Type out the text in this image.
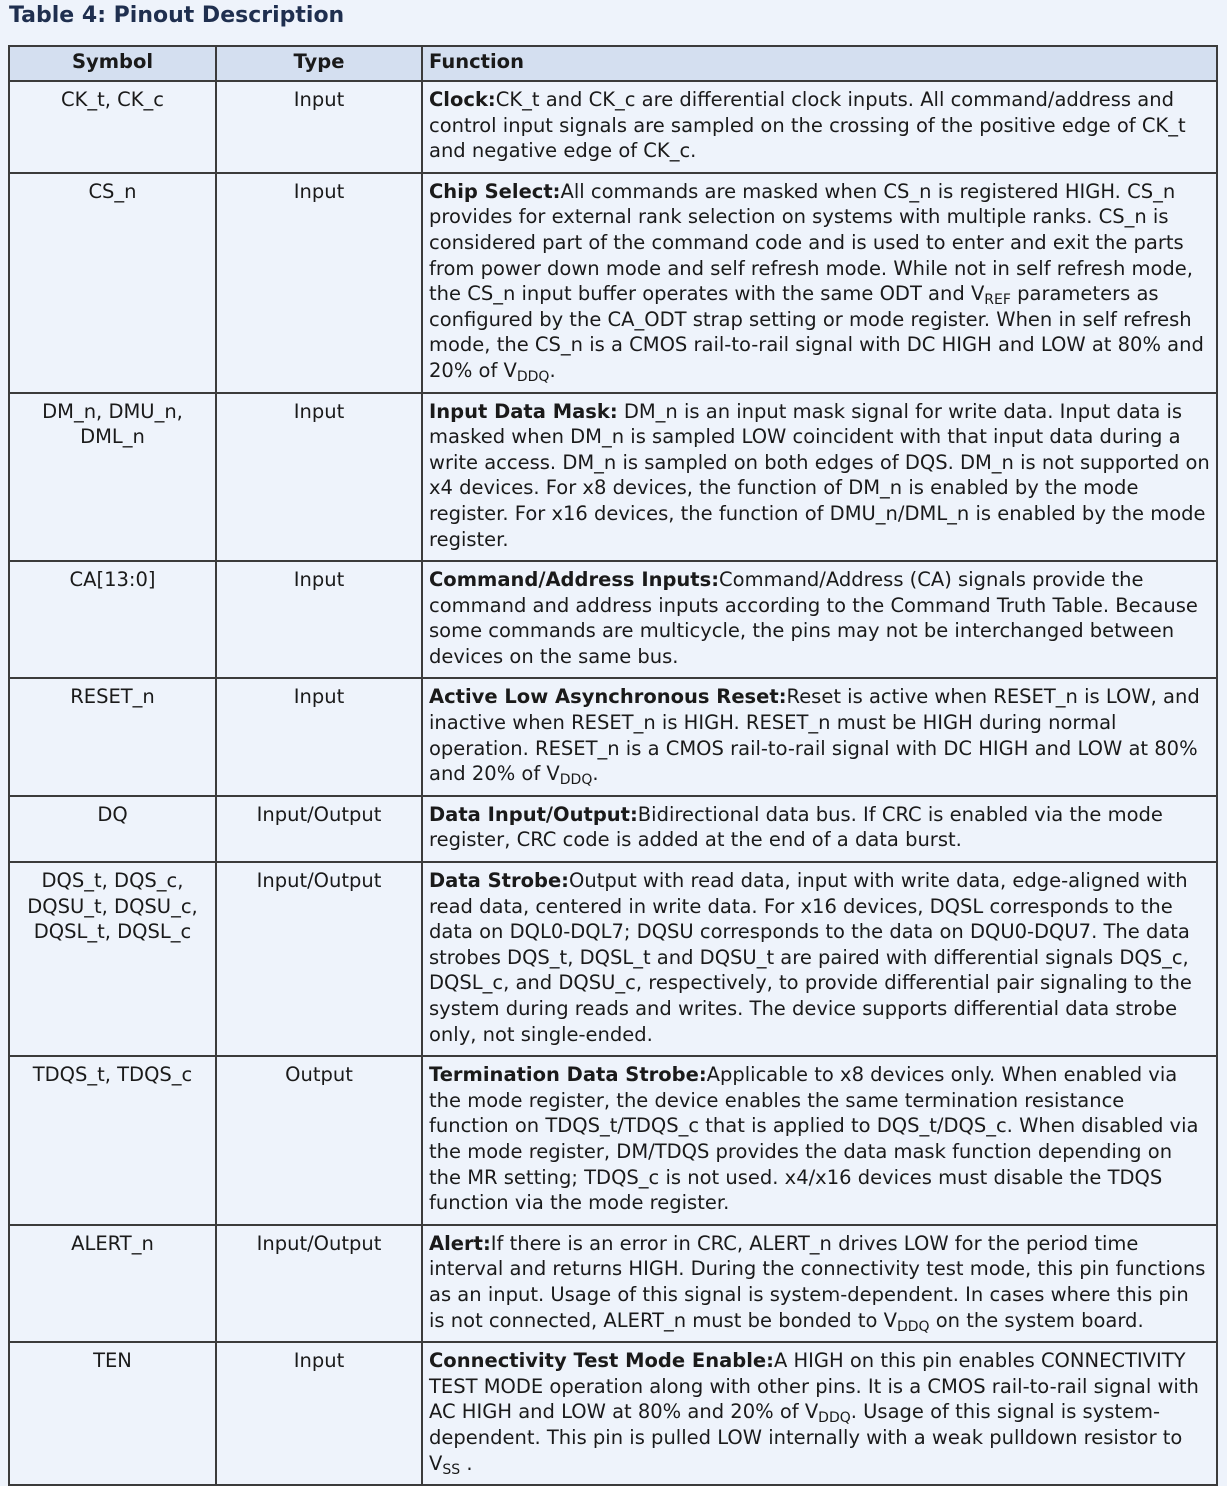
Table 4: Pinout Description
Symbol	Type	Function
CK_t, CK_c	Input	Clock:CK_t and CK_c are differential clock inputs. All command/address and control input signals are sampled on the crossing of the positive edge of CK_t and negative edge of CK_c.
CS_n	Input	Chip Select:All commands are masked when CS_n is registered HIGH. CS_n provides for external rank selection on systems with multiple ranks. CS_n is considered part of the command code and is used to enter and exit the parts from power down mode and self refresh mode. While not in self refresh mode, the CS_n input buffer operates with the same ODT and $V_{REF}$ parameters as configured by the CA_ODT strap setting or mode register. When in self refresh mode, the CS_n is a CMOS rail-to-rail signal with DC HIGH and LOW at 80% and 20% of $V_{DDQ}$.
DM_n, DMU_n, DML_n	Input	Input Data Mask: DM_n is an input mask signal for write data. Input data is masked when DM_n is sampled LOW coincident with that input data during a write access. DM_n is sampled on both edges of DQS. DM_n is not supported on x4 devices. For x8 devices, the function of DM_n is enabled by the mode register. For x16 devices, the function of DMU_n/DML_n is enabled by the mode register.
CA[13:0]	Input	Command/Address Inputs:Command/Address (CA) signals provide the command and address inputs according to the Command Truth Table. Because some commands are multicycle, the pins may not be interchanged between devices on the same bus.
RESET_n	Input	Active Low Asynchronous Reset:Reset is active when RESET_n is LOW, and inactive when RESET_n is HIGH. RESET_n must be HIGH during normal operation. RESET_n is a CMOS rail-to-rail signal with DC HIGH and LOW at 80% and 20% of $V_{DDQ}$.
DQ	Input/Output	Data Input/Output:Bidirectional data bus. If CRC is enabled via the mode register, CRC code is added at the end of a data burst.
DQS_t, DQS_c, DQSU_t, DQSU_c, DQSL_t, DQSL_c	Input/Output	Data Strobe:Output with read data, input with write data, edge-aligned with read data, centered in write data. For x16 devices, DQSL corresponds to the data on DQL0-DQL7; DQSU corresponds to the data on DQU0-DQU7. The data strobes DQS_t, DQSL_t and DQSU_t are paired with differential signals DQS_c, DQSL_c, and DQSU_c, respectively, to provide differential pair signaling to the system during reads and writes. The device supports differential data strobe only, not single-ended.
TDQS_t, TDQS_c	Output	Termination Data Strobe:Applicable to x8 devices only. When enabled via the mode register, the device enables the same termination resistance function on TDQS_t/TDQS_c that is applied to DQS_t/DQS_c. When disabled via the mode register, DM/TDQS provides the data mask function depending on the MR setting; TDQS_c is not used. x4/x16 devices must disable the TDQS function via the mode register.
ALERT_n	Input/Output	Alert:If there is an error in CRC, ALERT_n drives LOW for the period time interval and returns HIGH. During the connectivity test mode, this pin functions as an input. Usage of this signal is system-dependent. In cases where this pin is not connected, ALERT_n must be bonded to $V_{DDQ}$ on the system board.
TEN	Input	Connectivity Test Mode Enable:A HIGH on this pin enables CONNECTIVITY TEST MODE operation along with other pins. It is a CMOS rail-to-rail signal with AC HIGH and LOW at 80% and 20% of $V_{DDQ}$. Usage of this signal is system-dependent. This pin is pulled LOW internally with a weak pulldown resistor to $V_{SS}$ .
